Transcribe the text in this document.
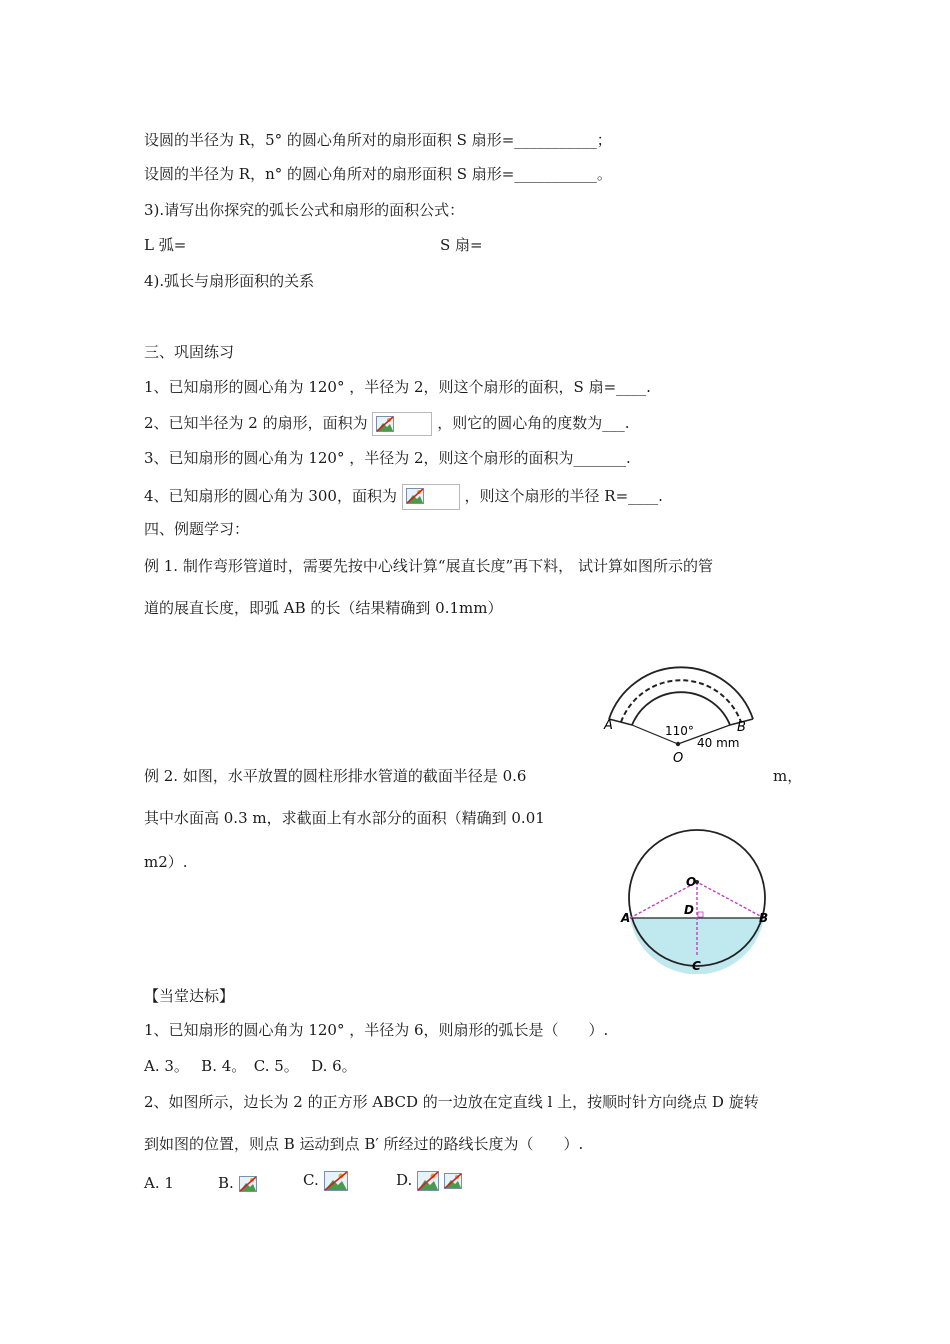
设圆的半径为 R，5° 的圆心角所对的扇形面积 S 扇形=___________；
设圆的半径为 R，n° 的圆心角所对的扇形面积 S 扇形=___________。
3).请写出你探究的弧长公式和扇形的面积公式：
L 弧=	S 扇=
4).弧长与扇形面积的关系
三、巩固练习
1、已知扇形的圆心角为 120° ，半径为 2，则这个扇形的面积，S 扇=____.
2、已知半径为 2 的扇形，面积为	，则它的圆心角的度数为___.
3、已知扇形的圆心角为 120° ，半径为 2，则这个扇形的面积为_______.
4、已知扇形的圆心角为 300，面积为	，则这个扇形的半径 R=____.
四、例题学习：
例 1. 制作弯形管道时，需要先按中心线计算“展直长度”再下料， 试计算如图所示的管
道的展直长度，即弧 AB 的长（结果精确到 0.1mm）
A	B
110°
40 mm
O
例 2. 如图，水平放置的圆柱形排水管道的截面半径是 0.6	m，
其中水面高 0.3 m，求截面上有水部分的面积（精确到 0.01
m2）.
O
A	B
D
C
【当堂达标】
1、已知扇形的圆心角为 120° ，半径为 6，则扇形的弧长是（　　）.
A. 3。　 B. 4。　C. 5。　 D. 6。
2、如图所示，边长为 2 的正方形 ABCD 的一边放在定直线 l 上，按顺时针方向绕点 D 旋转
到如图的位置，则点 B 运动到点 B′ 所经过的路线长度为（　　）.
A. 1	B.	C.	D.
